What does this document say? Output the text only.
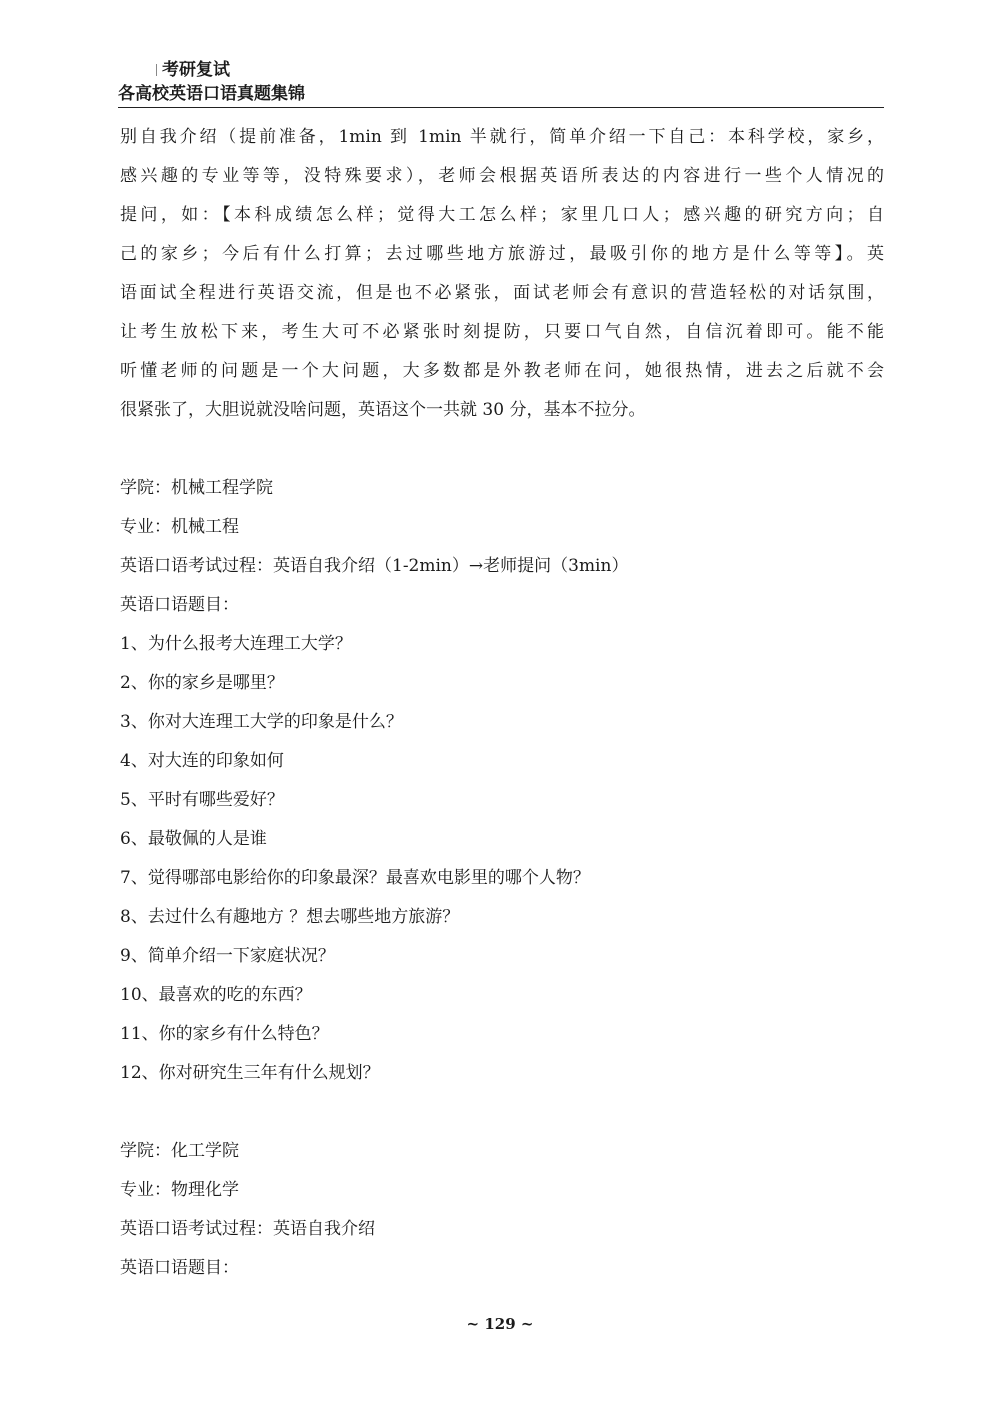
考研复试
各高校英语口语真题集锦

别自我介绍（提前准备，1min 到 1min 半就行，简单介绍一下自己：本科学校，家乡，

感兴趣的专业等等，没特殊要求），老师会根据英语所表达的内容进行一些个人情况的

提问，如：【本科成绩怎么样；觉得大工怎么样；家里几口人；感兴趣的研究方向；自

己的家乡；今后有什么打算；去过哪些地方旅游过，最吸引你的地方是什么等等】。英

语面试全程进行英语交流，但是也不必紧张，面试老师会有意识的营造轻松的对话氛围，

让考生放松下来，考生大可不必紧张时刻提防，只要口气自然，自信沉着即可。能不能

听懂老师的问题是一个大问题，大多数都是外教老师在问，她很热情，进去之后就不会

很紧张了，大胆说就没啥问题，英语这个一共就 30 分，基本不拉分。

学院：机械工程学院
专业：机械工程
英语口语考试过程：英语自我介绍（1-2min）→老师提问（3min）
英语口语题目：
1、为什么报考大连理工大学？
2、你的家乡是哪里？
3、你对大连理工大学的印象是什么？
4、对大连的印象如何
5、平时有哪些爱好？
6、最敬佩的人是谁
7、觉得哪部电影给你的印象最深？最喜欢电影里的哪个人物？
8、去过什么有趣地方 ？想去哪些地方旅游？
9、简单介绍一下家庭状况？
10、最喜欢的吃的东西？
11、你的家乡有什么特色？
12、你对研究生三年有什么规划？
学院：化工学院
专业：物理化学
英语口语考试过程：英语自我介绍
英语口语题目：
~ 129 ~
